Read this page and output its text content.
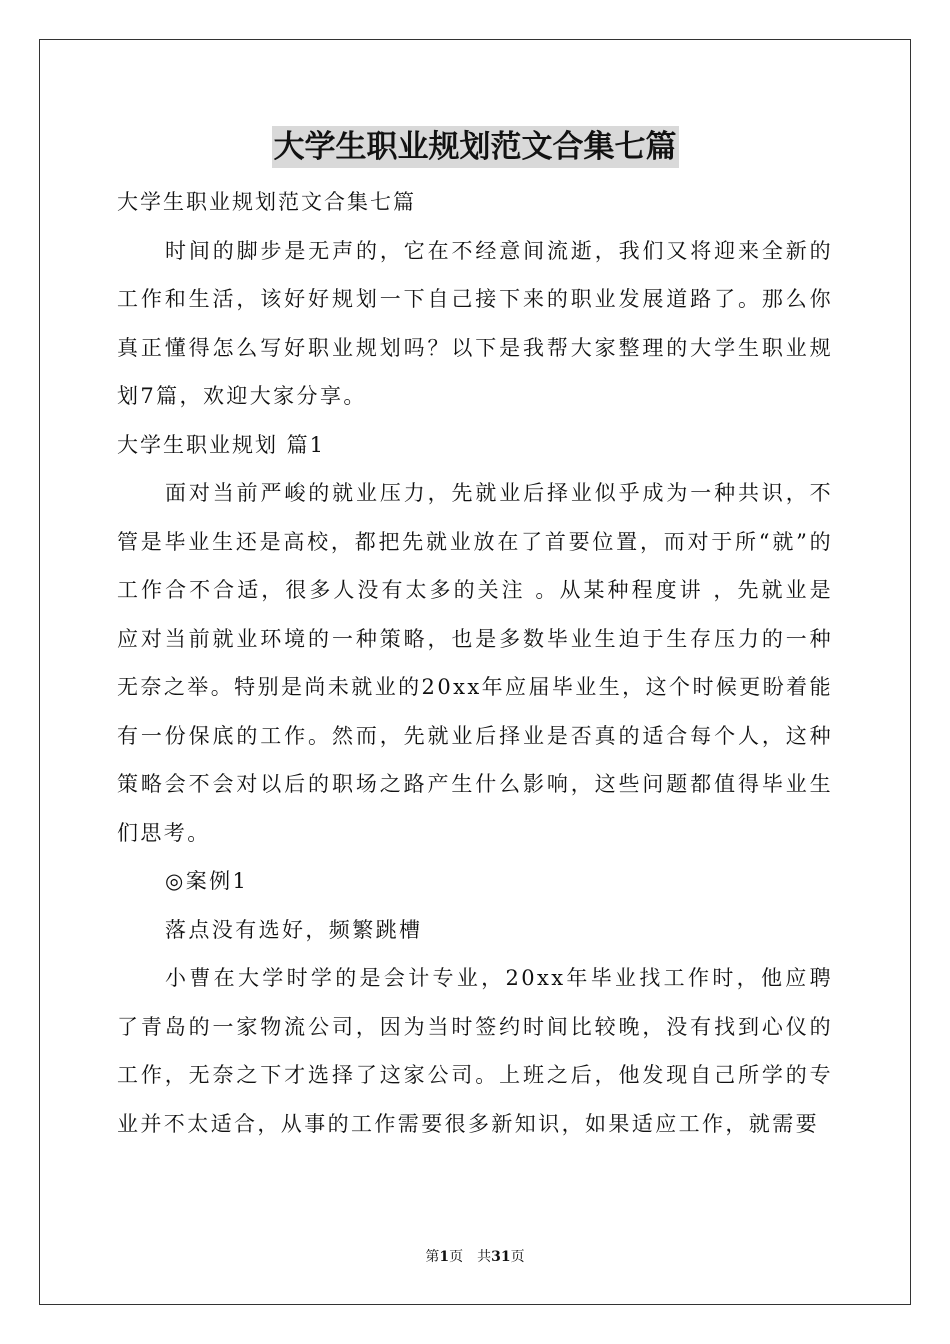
大学生职业规划范文合集七篇

大学生职业规划范文合集七篇

时间的脚步是无声的，它在不经意间流逝，我们又将迎来全新的工作和生活，该好好规划一下自己接下来的职业发展道路了。那么你真正懂得怎么写好职业规划吗？以下是我帮大家整理的大学生职业规划7篇，欢迎大家分享。

大学生职业规划 篇1

面对当前严峻的就业压力，先就业后择业似乎成为一种共识，不管是毕业生还是高校，都把先就业放在了首要位置，而对于所“就”的工作合不合适，很多人没有太多的关注 。从某种程度讲 ，先就业是应对当前就业环境的一种策略，也是多数毕业生迫于生存压力的一种无奈之举。特别是尚未就业的20xx年应届毕业生，这个时候更盼着能有一份保底的工作。然而，先就业后择业是否真的适合每个人，这种策略会不会对以后的职场之路产生什么影响，这些问题都值得毕业生们思考。

◎案例1

落点没有选好，频繁跳槽

小曹在大学时学的是会计专业，20xx年毕业找工作时，他应聘了青岛的一家物流公司，因为当时签约时间比较晚，没有找到心仪的工作，无奈之下才选择了这家公司。上班之后，他发现自己所学的专业并不太适合，从事的工作需要很多新知识，如果适应工作，就需要

第1页　共31页
